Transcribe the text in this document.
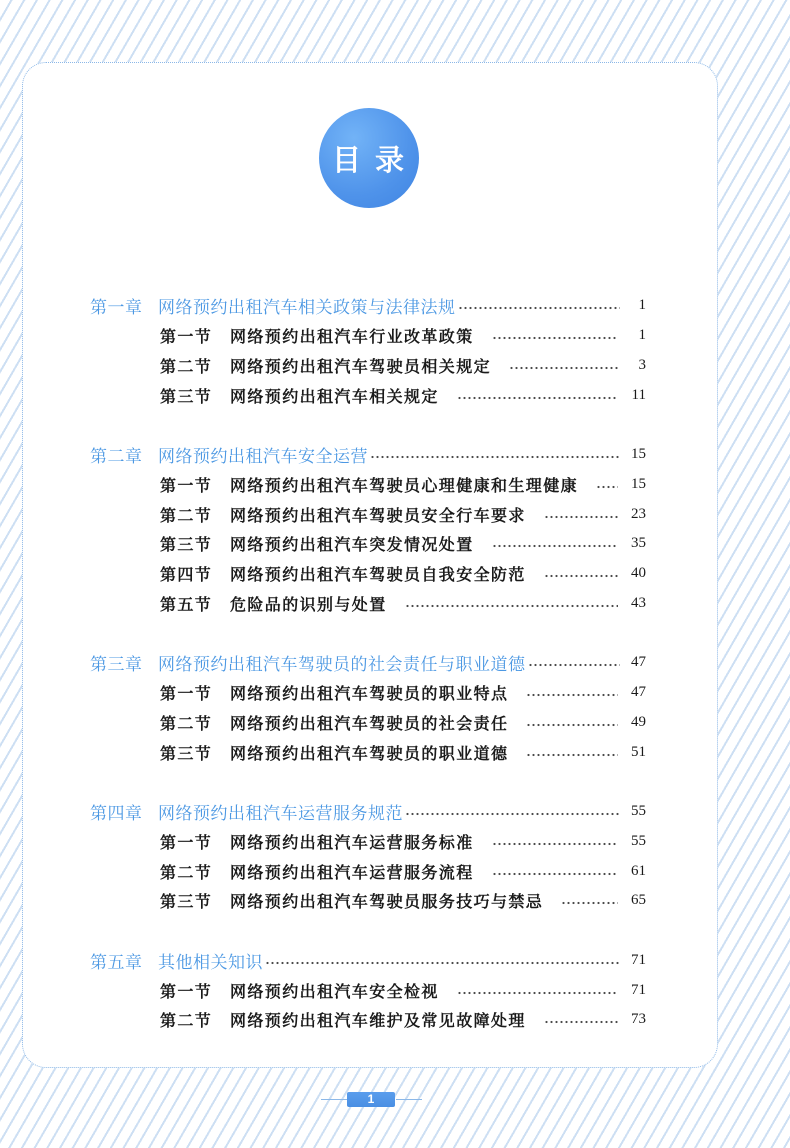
目 录
第一章 网络预约出租汽车相关政策与法律法规	1
第一节	网络预约出租汽车行业改革政策	1
第二节	网络预约出租汽车驾驶员相关规定	3
第三节	网络预约出租汽车相关规定	11
第二章 网络预约出租汽车安全运营	15
第一节	网络预约出租汽车驾驶员心理健康和生理健康	15
第二节	网络预约出租汽车驾驶员安全行车要求	23
第三节	网络预约出租汽车突发情况处置	35
第四节	网络预约出租汽车驾驶员自我安全防范	40
第五节	危险品的识别与处置	43
第三章 网络预约出租汽车驾驶员的社会责任与职业道德	47
第一节	网络预约出租汽车驾驶员的职业特点	47
第二节	网络预约出租汽车驾驶员的社会责任	49
第三节	网络预约出租汽车驾驶员的职业道德	51
第四章 网络预约出租汽车运营服务规范	55
第一节	网络预约出租汽车运营服务标准	55
第二节	网络预约出租汽车运营服务流程	61
第三节	网络预约出租汽车驾驶员服务技巧与禁忌	65
第五章 其他相关知识	71
第一节	网络预约出租汽车安全检视	71
第二节	网络预约出租汽车维护及常见故障处理	73
1
